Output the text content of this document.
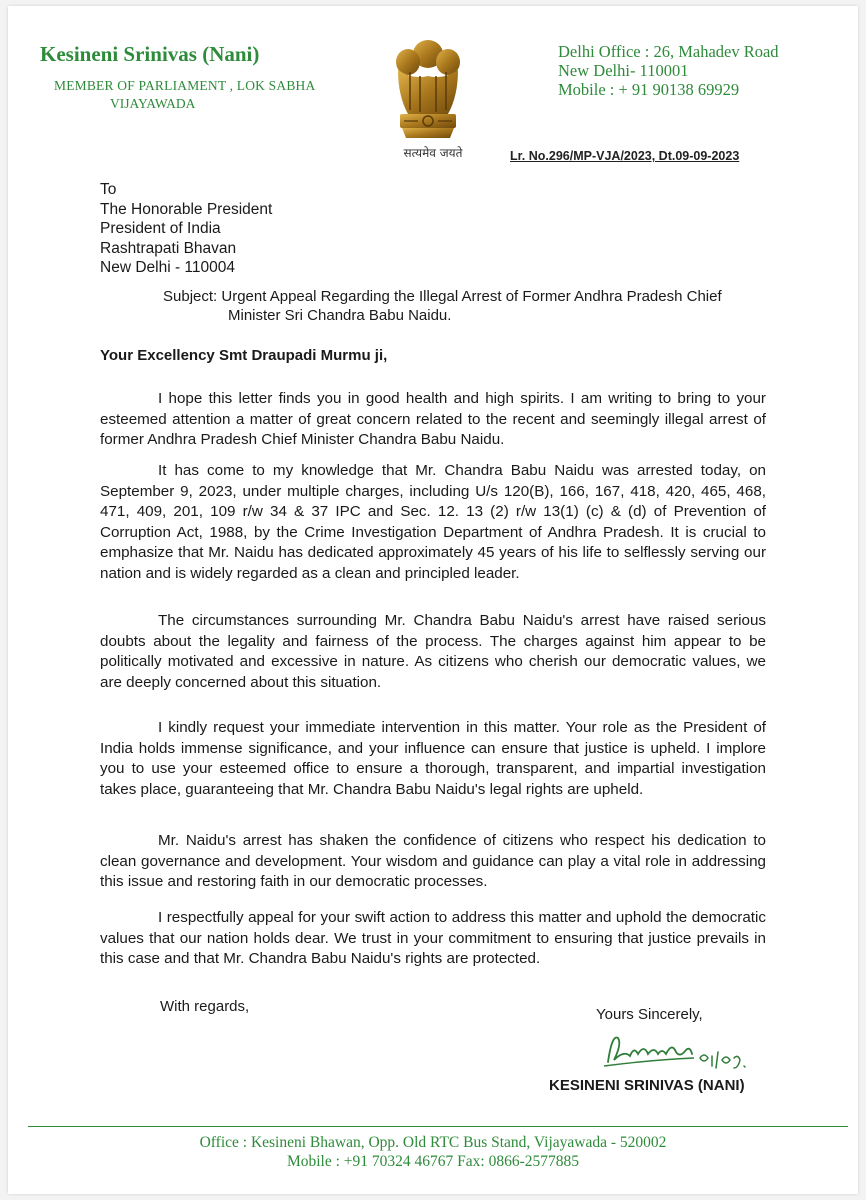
Kesineni Srinivas (Nani)
MEMBER OF PARLIAMENT , LOK SABHA
VIJAYAWADA
सत्यमेव जयते
Delhi Office : 26, Mahadev Road
New Delhi- 110001
Mobile : + 91 90138 69929
Lr. No.296/MP-VJA/2023, Dt.09-09-2023
To
The Honorable President
President of India
Rashtrapati Bhavan
New Delhi - 110004
Subject: Urgent Appeal Regarding the Illegal Arrest of Former Andhra Pradesh Chief
Minister Sri Chandra Babu Naidu.
Your Excellency Smt Draupadi Murmu ji,
I hope this letter finds you in good health and high spirits. I am writing to bring to your esteemed attention a matter of great concern related to the recent and seemingly illegal arrest of former Andhra Pradesh Chief Minister Chandra Babu Naidu.
It has come to my knowledge that Mr. Chandra Babu Naidu was arrested today, on September 9, 2023, under multiple charges, including U/s 120(B), 166, 167, 418, 420, 465, 468, 471, 409, 201, 109 r/w 34 & 37 IPC and Sec. 12. 13 (2) r/w 13(1) (c) & (d) of Prevention of Corruption Act, 1988, by the Crime Investigation Department of Andhra Pradesh. It is crucial to emphasize that Mr. Naidu has dedicated approximately 45 years of his life to selflessly serving our nation and is widely regarded as a clean and principled leader.
The circumstances surrounding Mr. Chandra Babu Naidu's arrest have raised serious doubts about the legality and fairness of the process. The charges against him appear to be politically motivated and excessive in nature. As citizens who cherish our democratic values, we are deeply concerned about this situation.
I kindly request your immediate intervention in this matter. Your role as the President of India holds immense significance, and your influence can ensure that justice is upheld. I implore you to use your esteemed office to ensure a thorough, transparent, and impartial investigation takes place, guaranteeing that Mr. Chandra Babu Naidu's legal rights are upheld.
Mr. Naidu's arrest has shaken the confidence of citizens who respect his dedication to clean governance and development. Your wisdom and guidance can play a vital role in addressing this issue and restoring faith in our democratic processes.
I respectfully appeal for your swift action to address this matter and uphold the democratic values that our nation holds dear. We trust in your commitment to ensuring that justice prevails in this case and that Mr. Chandra Babu Naidu's rights are protected.
With regards,	Yours Sincerely,
KESINENI SRINIVAS (NANI)
Office : Kesineni Bhawan, Opp. Old RTC Bus Stand, Vijayawada - 520002
Mobile : +91 70324 46767 Fax: 0866-2577885
